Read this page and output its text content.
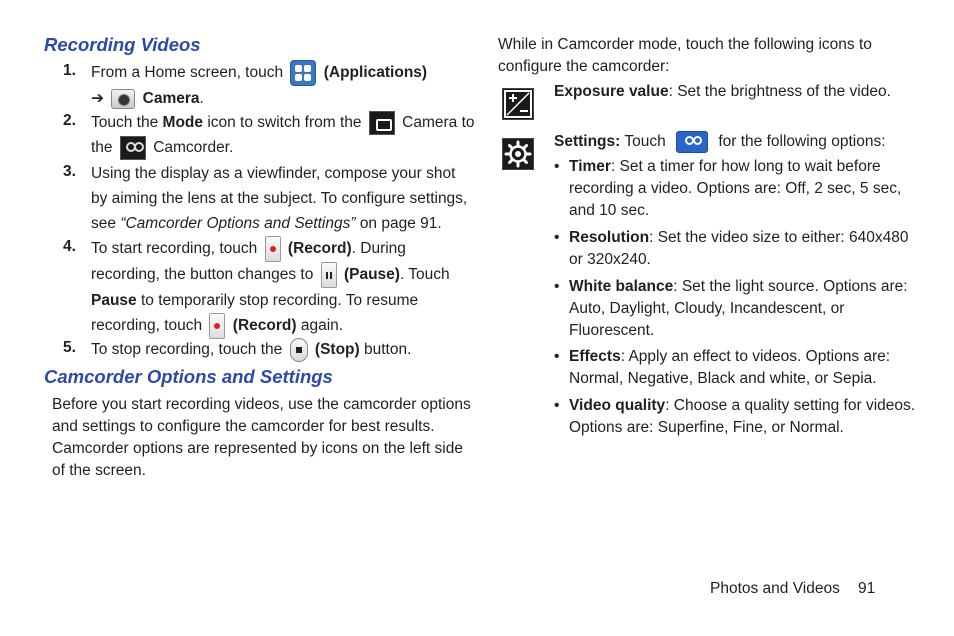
Recording Videos
1. From a Home screen, touch	(Applications)
➔ Camera.
2. Touch the Mode icon to switch from the	Camera to
the	Camcorder.
3. Using the display as a viewfinder, compose your shot
by aiming the lens at the subject. To configure settings,
see “Camcorder Options and Settings” on page 91.
4. To start recording, touch (Record). During
recording, the button changes to (Pause). Touch
Pause to temporarily stop recording. To resume
recording, touch (Record) again.
5. To stop recording, touch the (Stop) button.
Camcorder Options and Settings
Before you start recording videos, use the camcorder options
and settings to configure the camcorder for best results.
Camcorder options are represented by icons on the left side
of the screen.
While in Camcorder mode, touch the following icons to
configure the camcorder:
Exposure value: Set the brightness of the video.
Settings: Touch	for the following options:
• Timer: Set a timer for how long to wait before
recording a video. Options are: Off, 2 sec, 5 sec,
and 10 sec.
• Resolution: Set the video size to either: 640x480
or 320x240.
• White balance: Set the light source. Options are:
Auto, Daylight, Cloudy, Incandescent, or
Fluorescent.
• Effects: Apply an effect to videos. Options are:
Normal, Negative, Black and white, or Sepia.
• Video quality: Choose a quality setting for videos.
Options are: Superfine, Fine, or Normal.
Photos and Videos 91
